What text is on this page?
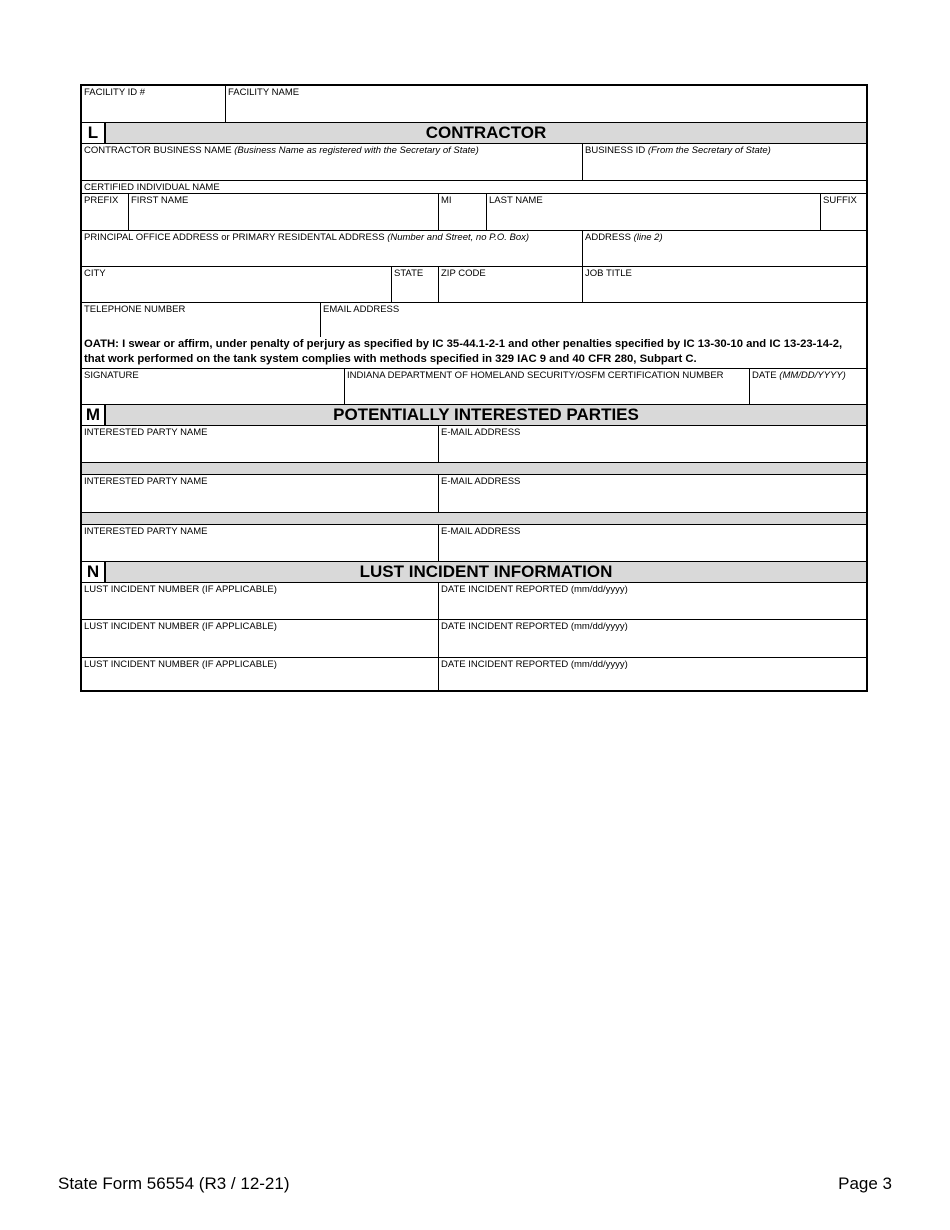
FACILITY ID #	FACILITY NAME
L	CONTRACTOR
CONTRACTOR BUSINESS NAME (Business Name as registered with the Secretary of State)	BUSINESS ID (From the Secretary of State)
CERTIFIED INDIVIDUAL NAME
PREFIX	FIRST NAME	MI	LAST NAME	SUFFIX
PRINCIPAL OFFICE ADDRESS or PRIMARY RESIDENTAL ADDRESS (Number and Street, no P.O. Box)	ADDRESS (line 2)
CITY	STATE	ZIP CODE	JOB TITLE
TELEPHONE NUMBER	EMAIL ADDRESS
OATH: I swear or affirm, under penalty of perjury as specified by IC 35-44.1-2-1 and other penalties specified by IC 13-30-10 and IC 13-23-14-2, that work performed on the tank system complies with methods specified in 329 IAC 9 and 40 CFR 280, Subpart C.
SIGNATURE	INDIANA DEPARTMENT OF HOMELAND SECURITY/OSFM CERTIFICATION NUMBER	DATE (MM/DD/YYYY)
M	POTENTIALLY INTERESTED PARTIES
INTERESTED PARTY NAME	E-MAIL ADDRESS
INTERESTED PARTY NAME	E-MAIL ADDRESS
INTERESTED PARTY NAME	E-MAIL ADDRESS
N	LUST INCIDENT INFORMATION
LUST INCIDENT NUMBER (IF APPLICABLE)	DATE INCIDENT REPORTED (mm/dd/yyyy)
LUST INCIDENT NUMBER (IF APPLICABLE)	DATE INCIDENT REPORTED (mm/dd/yyyy)
LUST INCIDENT NUMBER (IF APPLICABLE)	DATE INCIDENT REPORTED (mm/dd/yyyy)
State Form 56554 (R3 / 12-21)	Page 3
